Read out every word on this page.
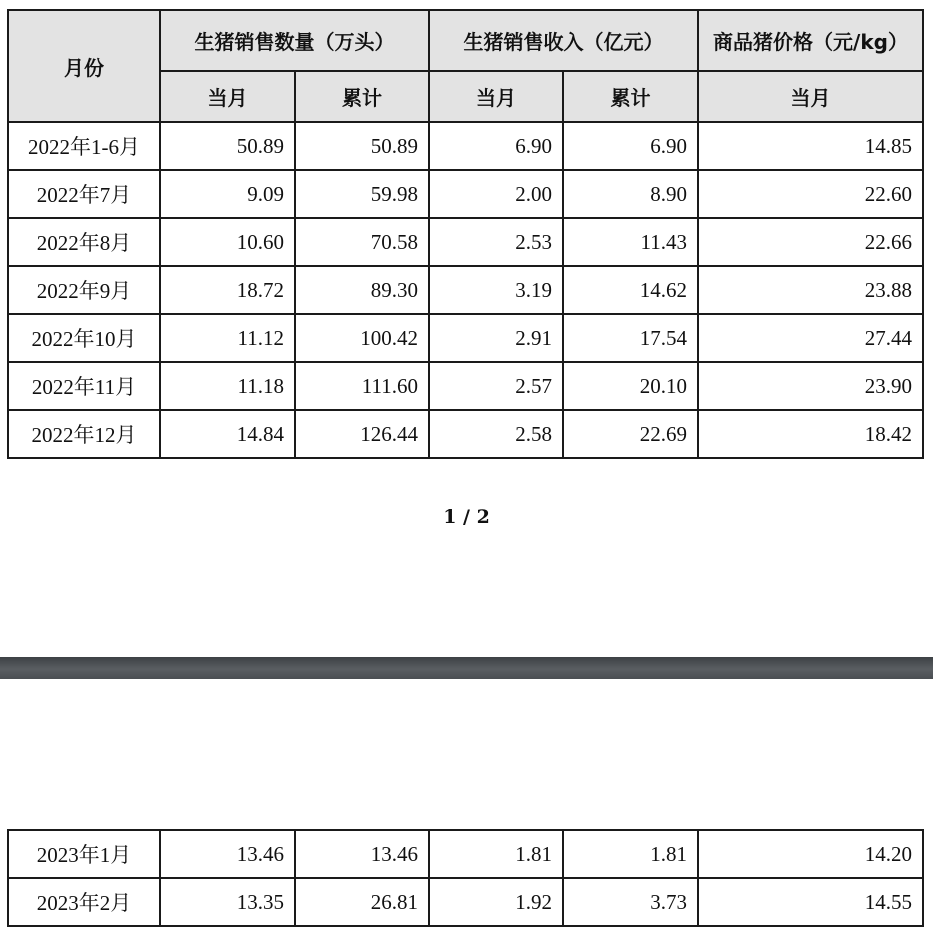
月份	生猪销售数量（万头）		生猪销售收入（亿元）		商品猪价格（元/kg）
	当月	累计	当月	累计	当月
2022年1-6月	50.89	50.89	6.90	6.90	14.85
2022年7月	9.09	59.98	2.00	8.90	22.60
2022年8月	10.60	70.58	2.53	11.43	22.66
2022年9月	18.72	89.30	3.19	14.62	23.88
2022年10月	11.12	100.42	2.91	17.54	27.44
2022年11月	11.18	111.60	2.57	20.10	23.90
2022年12月	14.84	126.44	2.58	22.69	18.42
1 / 2
2023年1月	13.46	13.46	1.81	1.81	14.20
2023年2月	13.35	26.81	1.92	3.73	14.55
